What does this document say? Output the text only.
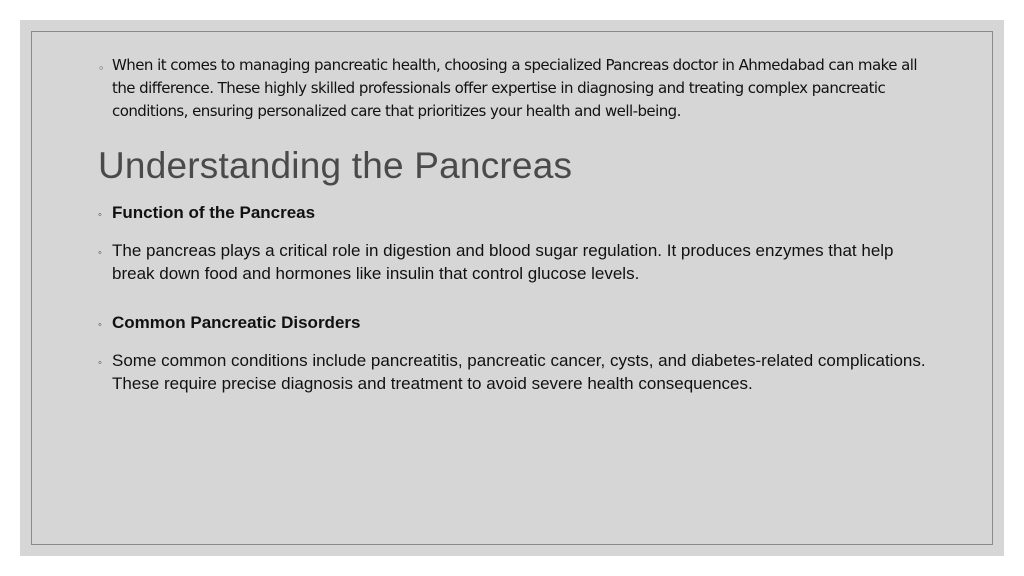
◦ When it comes to managing pancreatic health, choosing a specialized Pancreas doctor in Ahmedabad can make all the difference. These highly skilled professionals offer expertise in diagnosing and treating complex pancreatic conditions, ensuring personalized care that prioritizes your health and well-being.
Understanding the Pancreas
◦ Function of the Pancreas
◦ The pancreas plays a critical role in digestion and blood sugar regulation. It produces enzymes that help break down food and hormones like insulin that control glucose levels.
◦ Common Pancreatic Disorders
◦ Some common conditions include pancreatitis, pancreatic cancer, cysts, and diabetes-related complications. These require precise diagnosis and treatment to avoid severe health consequences.
